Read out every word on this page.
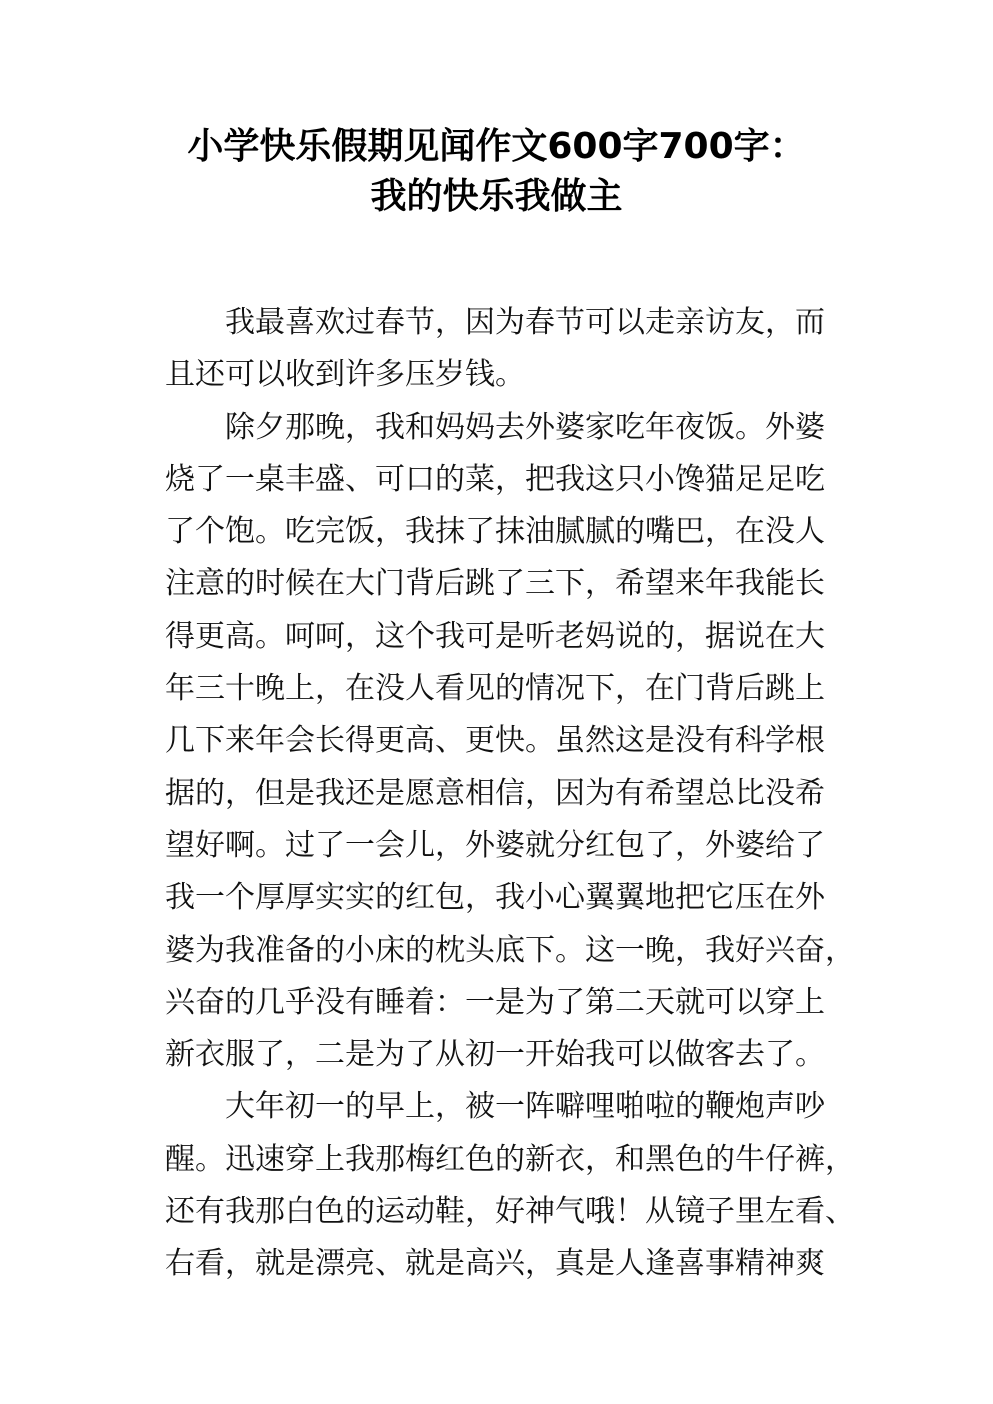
小学快乐假期见闻作文600字700字：
我的快乐我做主
我最喜欢过春节，因为春节可以走亲访友，而
且还可以收到许多压岁钱。
除夕那晚，我和妈妈去外婆家吃年夜饭。外婆
烧了一桌丰盛、可口的菜，把我这只小馋猫足足吃
了个饱。吃完饭，我抹了抹油腻腻的嘴巴，在没人
注意的时候在大门背后跳了三下，希望来年我能长
得更高。呵呵，这个我可是听老妈说的，据说在大
年三十晚上，在没人看见的情况下，在门背后跳上
几下来年会长得更高、更快。虽然这是没有科学根
据的，但是我还是愿意相信，因为有希望总比没希
望好啊。过了一会儿，外婆就分红包了，外婆给了
我一个厚厚实实的红包，我小心翼翼地把它压在外
婆为我准备的小床的枕头底下。这一晚，我好兴奋，
兴奋的几乎没有睡着：一是为了第二天就可以穿上
新衣服了，二是为了从初一开始我可以做客去了。
大年初一的早上，被一阵噼哩啪啦的鞭炮声吵
醒。迅速穿上我那梅红色的新衣，和黑色的牛仔裤，
还有我那白色的运动鞋，好神气哦！从镜子里左看、
右看，就是漂亮、就是高兴，真是人逢喜事精神爽
